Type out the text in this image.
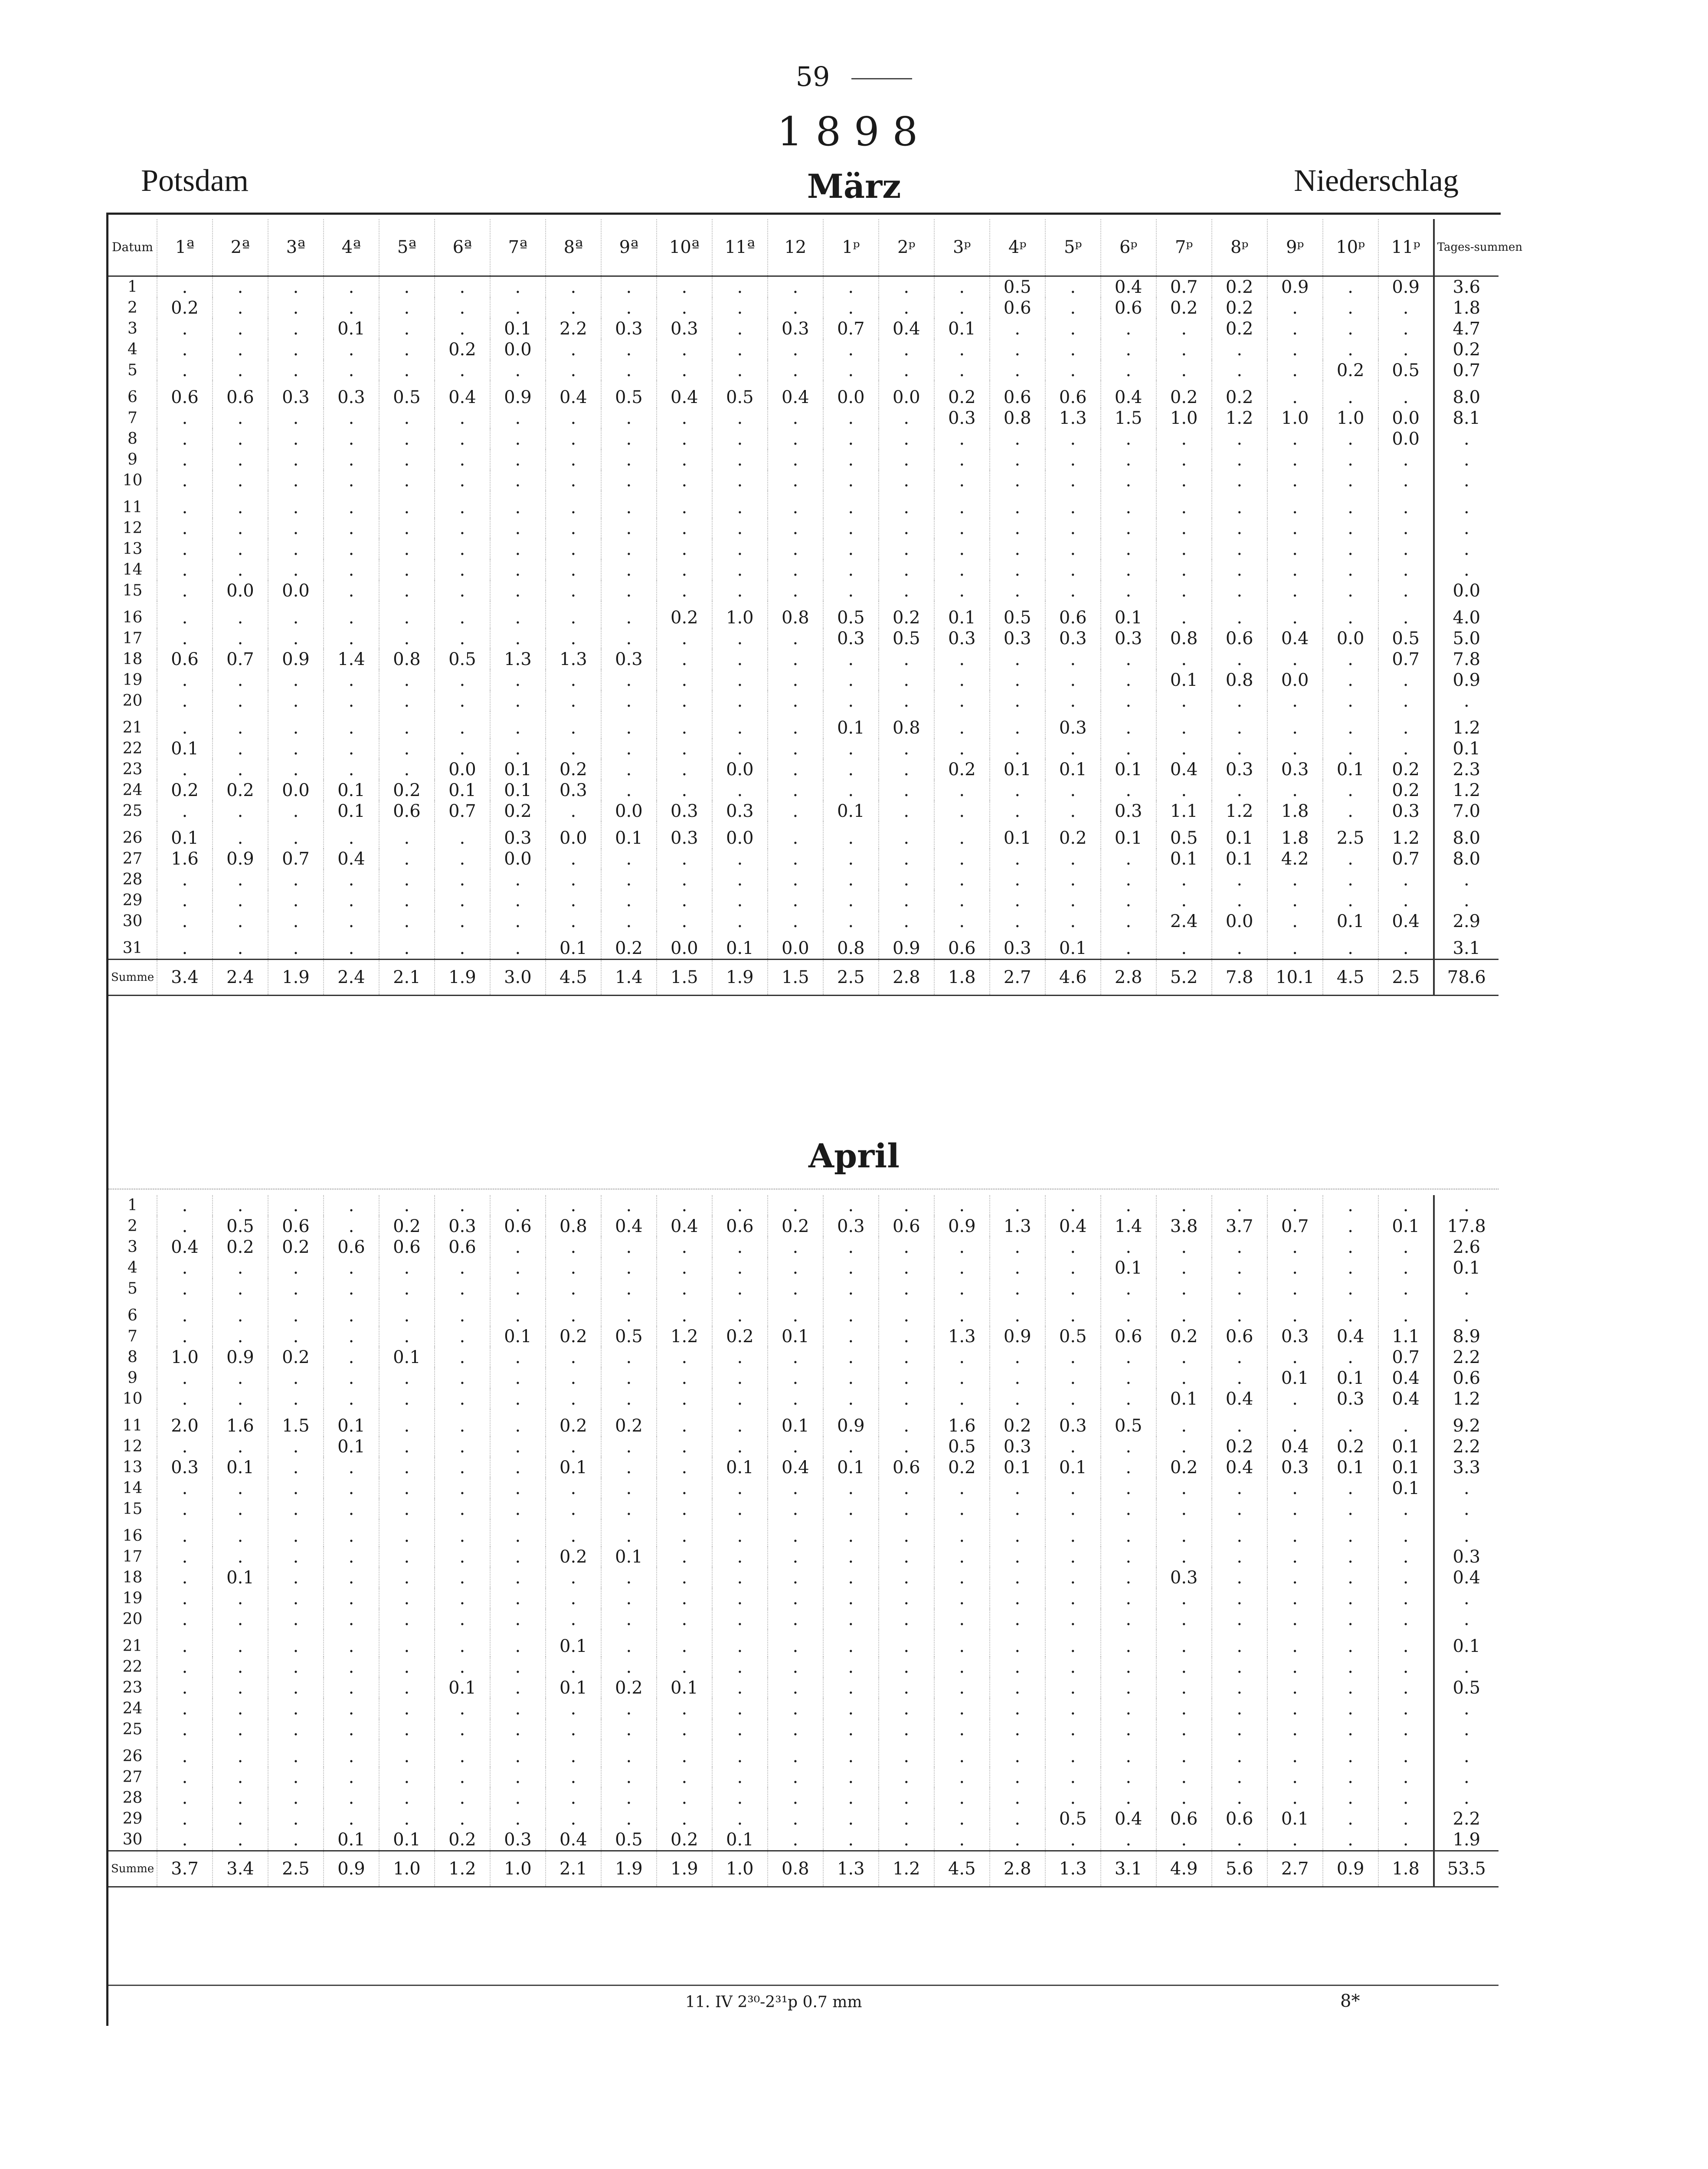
59
1898
Potsdam	Niederschlag
März
April
Datum	1ª	2ª	3ª	4ª	5ª	6ª	7ª	8ª	9ª	10ª	11ª	12	1ᵖ	2ᵖ	3ᵖ	4ᵖ	5ᵖ	6ᵖ	7ᵖ	8ᵖ	9ᵖ	10ᵖ	11ᵖ	Tages-summen
1	.	.	.	.	.	.	.	.	.	.	.	.	.	.	.	0.5	.	0.4	0.7	0.2	0.9	.	0.9	3.6
2	0.2	.	.	.	.	.	.	.	.	.	.	.	.	.	.	0.6	.	0.6	0.2	0.2	.	.	.	1.8
3	.	.	.	0.1	.	.	0.1	2.2	0.3	0.3	.	0.3	0.7	0.4	0.1	.	.	.	.	0.2	.	.	.	4.7
4	.	.	.	.	.	0.2	0.0	.	.	.	.	.	.	.	.	.	.	.	.	.	.	.	.	0.2
5	.	.	.	.	.	.	.	.	.	.	.	.	.	.	.	.	.	.	.	.	.	0.2	0.5	0.7
6	0.6	0.6	0.3	0.3	0.5	0.4	0.9	0.4	0.5	0.4	0.5	0.4	0.0	0.0	0.2	0.6	0.6	0.4	0.2	0.2	.	.	.	8.0
7	.	.	.	.	.	.	.	.	.	.	.	.	.	.	0.3	0.8	1.3	1.5	1.0	1.2	1.0	1.0	0.0	8.1
8	.	.	.	.	.	.	.	.	.	.	.	.	.	.	.	.	.	.	.	.	.	.	0.0	.
9	.	.	.	.	.	.	.	.	.	.	.	.	.	.	.	.	.	.	.	.	.	.	.	.
10	.	.	.	.	.	.	.	.	.	.	.	.	.	.	.	.	.	.	.	.	.	.	.	.
11	.	.	.	.	.	.	.	.	.	.	.	.	.	.	.	.	.	.	.	.	.	.	.	.
12	.	.	.	.	.	.	.	.	.	.	.	.	.	.	.	.	.	.	.	.	.	.	.	.
13	.	.	.	.	.	.	.	.	.	.	.	.	.	.	.	.	.	.	.	.	.	.	.	.
14	.	.	.	.	.	.	.	.	.	.	.	.	.	.	.	.	.	.	.	.	.	.	.	.
15	.	0.0	0.0	.	.	.	.	.	.	.	.	.	.	.	.	.	.	.	.	.	.	.	.	0.0
16	.	.	.	.	.	.	.	.	.	0.2	1.0	0.8	0.5	0.2	0.1	0.5	0.6	0.1	.	.	.	.	.	4.0
17	.	.	.	.	.	.	.	.	.	.	.	.	0.3	0.5	0.3	0.3	0.3	0.3	0.8	0.6	0.4	0.0	0.5	5.0
18	0.6	0.7	0.9	1.4	0.8	0.5	1.3	1.3	0.3	.	.	.	.	.	.	.	.	.	.	.	.	.	0.7	7.8
19	.	.	.	.	.	.	.	.	.	.	.	.	.	.	.	.	.	.	0.1	0.8	0.0	.	.	0.9
20	.	.	.	.	.	.	.	.	.	.	.	.	.	.	.	.	.	.	.	.	.	.	.	.
21	.	.	.	.	.	.	.	.	.	.	.	.	0.1	0.8	.	.	0.3	.	.	.	.	.	.	1.2
22	0.1	.	.	.	.	.	.	.	.	.	.	.	.	.	.	.	.	.	.	.	.	.	.	0.1
23	.	.	.	.	.	0.0	0.1	0.2	.	.	0.0	.	.	.	0.2	0.1	0.1	0.1	0.4	0.3	0.3	0.1	0.2	2.3
24	0.2	0.2	0.0	0.1	0.2	0.1	0.1	0.3	.	.	.	.	.	.	.	.	.	.	.	.	.	.	0.2	1.2
25	.	.	.	0.1	0.6	0.7	0.2	.	0.0	0.3	0.3	.	0.1	.	.	.	.	0.3	1.1	1.2	1.8	.	0.3	7.0
26	0.1	.	.	.	.	.	0.3	0.0	0.1	0.3	0.0	.	.	.	.	0.1	0.2	0.1	0.5	0.1	1.8	2.5	1.2	8.0
27	1.6	0.9	0.7	0.4	.	.	0.0	.	.	.	.	.	.	.	.	.	.	.	0.1	0.1	4.2	.	0.7	8.0
28	.	.	.	.	.	.	.	.	.	.	.	.	.	.	.	.	.	.	.	.	.	.	.	.
29	.	.	.	.	.	.	.	.	.	.	.	.	.	.	.	.	.	.	.	.	.	.	.	.
30	.	.	.	.	.	.	.	.	.	.	.	.	.	.	.	.	.	.	2.4	0.0	.	0.1	0.4	2.9
31	.	.	.	.	.	.	.	0.1	0.2	0.0	0.1	0.0	0.8	0.9	0.6	0.3	0.1	.	.	.	.	.	.	3.1
Summe	3.4	2.4	1.9	2.4	2.1	1.9	3.0	4.5	1.4	1.5	1.9	1.5	2.5	2.8	1.8	2.7	4.6	2.8	5.2	7.8	10.1	4.5	2.5	78.6
1	.	.	.	.	.	.	.	.	.	.	.	.	.	.	.	.	.	.	.	.	.	.	.	.
2	.	0.5	0.6	.	0.2	0.3	0.6	0.8	0.4	0.4	0.6	0.2	0.3	0.6	0.9	1.3	0.4	1.4	3.8	3.7	0.7	.	0.1	17.8
3	0.4	0.2	0.2	0.6	0.6	0.6	.	.	.	.	.	.	.	.	.	.	.	.	.	.	.	.	.	2.6
4	.	.	.	.	.	.	.	.	.	.	.	.	.	.	.	.	.	0.1	.	.	.	.	.	0.1
5	.	.	.	.	.	.	.	.	.	.	.	.	.	.	.	.	.	.	.	.	.	.	.	.
6	.	.	.	.	.	.	.	.	.	.	.	.	.	.	.	.	.	.	.	.	.	.	.	.
7	.	.	.	.	.	.	0.1	0.2	0.5	1.2	0.2	0.1	.	.	1.3	0.9	0.5	0.6	0.2	0.6	0.3	0.4	1.1	8.9
8	1.0	0.9	0.2	.	0.1	.	.	.	.	.	.	.	.	.	.	.	.	.	.	.	.	.	0.7	2.2
9	.	.	.	.	.	.	.	.	.	.	.	.	.	.	.	.	.	.	.	.	0.1	0.1	0.4	0.6
10	.	.	.	.	.	.	.	.	.	.	.	.	.	.	.	.	.	.	0.1	0.4	.	0.3	0.4	1.2
11	2.0	1.6	1.5	0.1	.	.	.	0.2	0.2	.	.	0.1	0.9	.	1.6	0.2	0.3	0.5	.	.	.	.	.	9.2
12	.	.	.	0.1	.	.	.	.	.	.	.	.	.	.	0.5	0.3	.	.	.	0.2	0.4	0.2	0.1	2.2
13	0.3	0.1	.	.	.	.	.	0.1	.	.	0.1	0.4	0.1	0.6	0.2	0.1	0.1	.	0.2	0.4	0.3	0.1	0.1	3.3
14	.	.	.	.	.	.	.	.	.	.	.	.	.	.	.	.	.	.	.	.	.	.	0.1	.
15	.	.	.	.	.	.	.	.	.	.	.	.	.	.	.	.	.	.	.	.	.	.	.	.
16	.	.	.	.	.	.	.	.	.	.	.	.	.	.	.	.	.	.	.	.	.	.	.	.
17	.	.	.	.	.	.	.	0.2	0.1	.	.	.	.	.	.	.	.	.	.	.	.	.	.	0.3
18	.	0.1	.	.	.	.	.	.	.	.	.	.	.	.	.	.	.	.	0.3	.	.	.	.	0.4
19	.	.	.	.	.	.	.	.	.	.	.	.	.	.	.	.	.	.	.	.	.	.	.	.
20	.	.	.	.	.	.	.	.	.	.	.	.	.	.	.	.	.	.	.	.	.	.	.	.
21	.	.	.	.	.	.	.	0.1	.	.	.	.	.	.	.	.	.	.	.	.	.	.	.	0.1
22	.	.	.	.	.	.	.	.	.	.	.	.	.	.	.	.	.	.	.	.	.	.	.	.
23	.	.	.	.	.	0.1	.	0.1	0.2	0.1	.	.	.	.	.	.	.	.	.	.	.	.	.	0.5
24	.	.	.	.	.	.	.	.	.	.	.	.	.	.	.	.	.	.	.	.	.	.	.	.
25	.	.	.	.	.	.	.	.	.	.	.	.	.	.	.	.	.	.	.	.	.	.	.	.
26	.	.	.	.	.	.	.	.	.	.	.	.	.	.	.	.	.	.	.	.	.	.	.	.
27	.	.	.	.	.	.	.	.	.	.	.	.	.	.	.	.	.	.	.	.	.	.	.	.
28	.	.	.	.	.	.	.	.	.	.	.	.	.	.	.	.	.	.	.	.	.	.	.	.
29	.	.	.	.	.	.	.	.	.	.	.	.	.	.	.	.	0.5	0.4	0.6	0.6	0.1	.	.	2.2
30	.	.	.	0.1	0.1	0.2	0.3	0.4	0.5	0.2	0.1	.	.	.	.	.	.	.	.	.	.	.	.	1.9
Summe	3.7	3.4	2.5	0.9	1.0	1.2	1.0	2.1	1.9	1.9	1.0	0.8	1.3	1.2	4.5	2.8	1.3	3.1	4.9	5.6	2.7	0.9	1.8	53.5
11. IV 2³⁰-2³¹p 0.7 mm	8*
